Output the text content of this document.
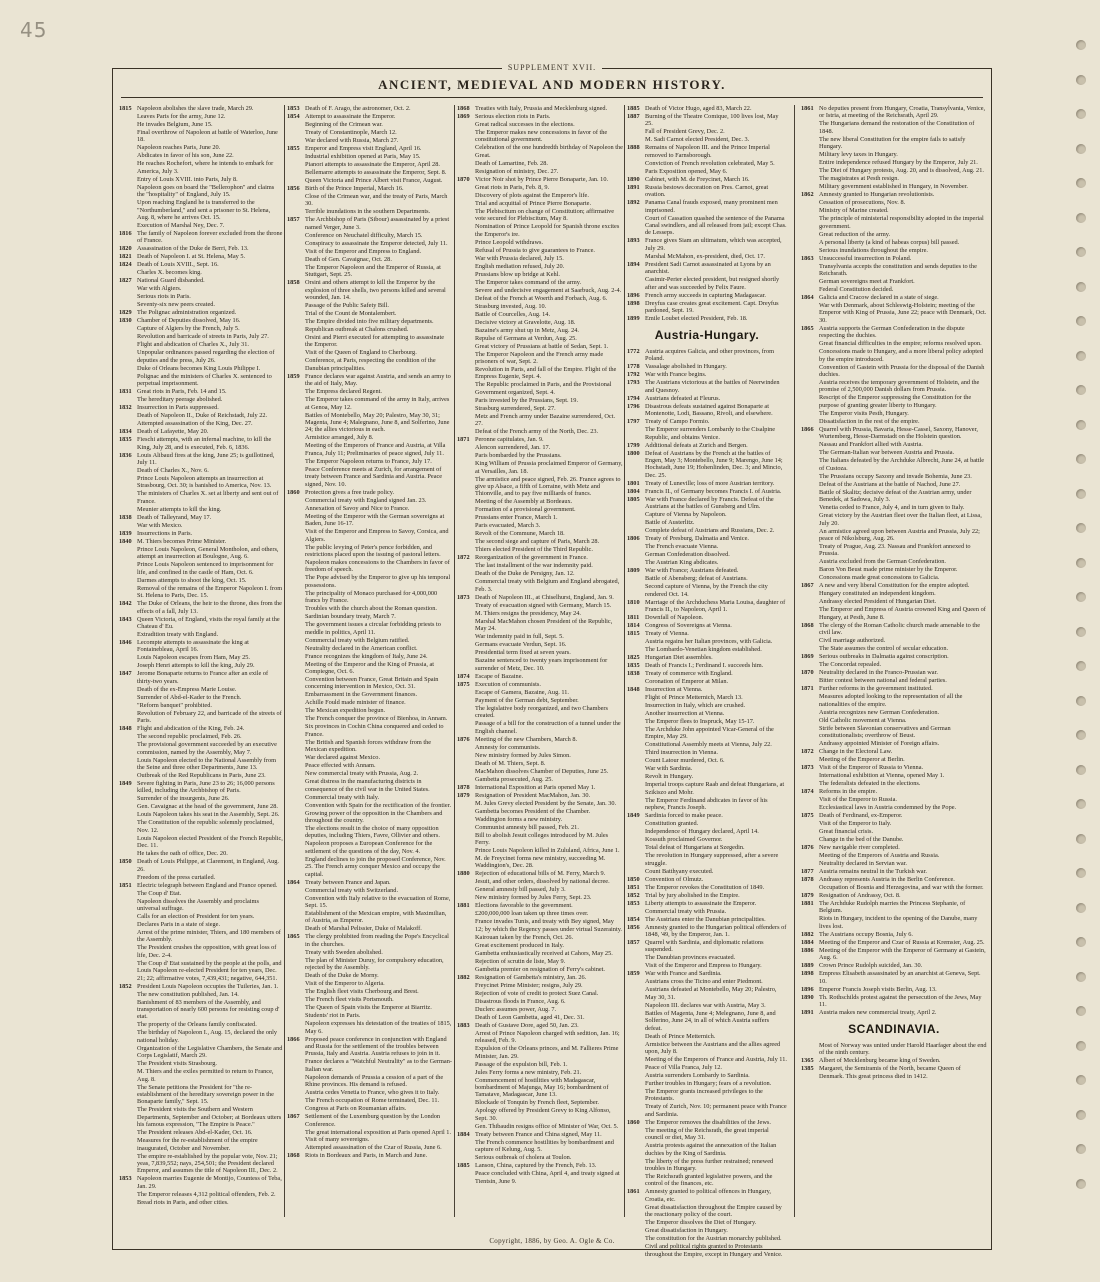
45
SUPPLEMENT XVII.
ANCIENT, MEDIEVAL AND MODERN HISTORY.
1815 Napoleon abolishes the slave trade, March 29.
Leaves Paris for the army, June 12.
He invades Belgium, June 15.
Final overthrow of Napoleon at battle of Waterloo, June 18.
Napoleon reaches Paris, June 20.
Abdicates in favor of his son, June 22.
He reaches Rochefort, where he intends to embark for America, July 3.
Entry of Louis XVIII. into Paris, July 8.
Napoleon goes on board the "Bellerophon" and claims the "hospitality" of England, July 15.
Upon reaching England he is transferred to the "Northumberland," and sent a prisoner to St. Helena, Aug. 8, where he arrives Oct. 15.
Execution of Marshal Ney, Dec. 7.
1816 The family of Napoleon forever excluded from the throne of France.
1820 Assassination of the Duke de Berri, Feb. 13.
1821 Death of Napoleon I. at St. Helena, May 5.
1824 Death of Louis XVIII., Sept. 16.
Charles X. becomes king.
1827 National Guard disbanded.
War with Algiers.
Serious riots in Paris.
Seventy-six new peers created.
1829 The Polignac administration organized.
1830 Chamber of Deputies dissolved, May 16.
Capture of Algiers by the French, July 5.
Revolution and barricade of streets in Paris, July 27.
Flight and abdication of Charles X., July 31.
Unpopular ordinances passed regarding the election of deputies and the press, July 26.
Duke of Orleans becomes King Louis Philippe I.
Polignac and the ministers of Charles X. sentenced to perpetual imprisonment.
1831 Great riots in Paris, Feb. 14 and 15.
The hereditary peerage abolished.
1832 Insurrection in Paris suppressed.
Death of Napoleon II., Duke of Reichstadt, July 22.
Attempted assassination of the King, Dec. 27.
1834 Death of Lafayette, May 20.
1835 Fieschi attempts, with an infernal machine, to kill the King, July 28, and is executed, Feb. 6, 1836.
1836 Louis Alibaud fires at the king, June 25; is guillotined, July 11.
Death of Charles X., Nov. 6.
Prince Louis Napoleon attempts an insurrection at Strasbourg, Oct. 30; is banished to America, Nov. 13.
The ministers of Charles X. set at liberty and sent out of France.
Meunier attempts to kill the king.
1838 Death of Talleyrand, May 17.
War with Mexico.
1839 Insurrections in Paris.
1840 M. Thiers becomes Prime Minister.
Prince Louis Napoleon, General Montholon, and others, attempt an insurrection at Boulogne, Aug. 6.
Prince Louis Napoleon sentenced to imprisonment for life, and confined in the castle of Ham, Oct. 6.
Darmes attempts to shoot the king, Oct. 15.
Removal of the remains of the Emperor Napoleon I. from St. Helena to Paris, Dec. 15.
1842 The Duke of Orleans, the heir to the throne, dies from the effects of a fall, July 13.
1843 Queen Victoria, of England, visits the royal family at the Chateau d' Eu.
Extradition treaty with England.
1846 Lecompte attempts to assassinate the king at Fontainebleau, April 16.
Louis Napoleon escapes from Ham, May 25.
Joseph Henri attempts to kill the king, July 29.
1847 Jerome Bonaparte returns to France after an exile of thirty-two years.
Death of the ex-Empress Marie Louise.
Surrender of Abd-el-Kader to the French.
"Reform banquet" prohibited.
Revolution of February 22, and barricade of the streets of Paris.
1848 Flight and abdication of the King, Feb. 24.
The second republic proclaimed, Feb. 26.
The provisional government succeeded by an executive commission, named by the Assembly, May 7.
Louis Napoleon elected to the National Assembly from the Seine and three other Departments, June 13.
Outbreak of the Red Republicans in Paris, June 23.
1849 Severe fighting in Paris, June 23 to 26; 16,000 persons killed, including the Archbishop of Paris.
Surrender of the insurgents, June 26.
Gen. Cavaignac at the head of the government, June 28.
Louis Napoleon takes his seat in the Assembly, Sept. 26.
The Constitution of the republic solemnly proclaimed, Nov. 12.
Louis Napoleon elected President of the French Republic, Dec. 11.
He takes the oath of office, Dec. 20.
1850 Death of Louis Philippe, at Claremont, in England, Aug. 26.
Freedom of the press curtailed.
1851 Electric telegraph between England and France opened.
The Coup d' Etat.
Napoleon dissolves the Assembly and proclaims universal suffrage.
Calls for an election of President for ten years.
Declares Paris in a state of siege.
Arrest of the prime minister, Thiers, and 180 members of the Assembly.
The President crushes the opposition, with great loss of life, Dec. 2-4.
The Coup d' Etat sustained by the people at the polls, and Louis Napoleon re-elected President for ten years, Dec. 21; 22; affirmative votes, 7,439,431; negative, 644,351.
1852 President Louis Napoleon occupies the Tuileries, Jan. 1.
The new constitution published, Jan. 14.
Banishment of 83 members of the Assembly, and transportation of nearly 600 persons for resisting coup d' etat.
The property of the Orleans family confiscated.
The birthday of Napoleon I., Aug. 15, declared the only national holiday.
Organization of the Legislative Chambers, the Senate and Corps Legislatif, March 29.
The President visits Strasbourg.
M. Thiers and the exiles permitted to return to France, Aug. 8.
The Senate petitions the President for "the re-establishment of the hereditary sovereign power in the Bonaparte family," Sept. 15.
The President visits the Southern and Western Departments, September and October; at Bordeaux utters his famous expression, "The Empire is Peace."
The President releases Abd-el-Kader, Oct. 16.
Measures for the re-establishment of the empire inaugurated, October and November.
The empire re-established by the popular vote, Nov. 21; yeas, 7,839,552; nays, 254,501; the President declared Emperor, and assumes the title of Napoleon III., Dec. 2.
1853 Napoleon marries Eugenie de Montijo, Countess of Teba, Jan. 29.
The Emperor releases 4,312 political offenders, Feb. 2.
Bread riots in Paris, and other cities.
1853 Death of F. Arago, the astronomer, Oct. 2.
1854 Attempt to assassinate the Emperor.
Beginning of the Crimean war.
Treaty of Constantinople, March 12.
War declared with Russia, March 27.
1855 Emperor and Empress visit England, April 16.
Industrial exhibition opened at Paris, May 15.
Pianori attempts to assassinate the Emperor, April 28.
Bellemarre attempts to assassinate the Emperor, Sept. 8.
Queen Victoria and Prince Albert visit France, August.
1856 Birth of the Prince Imperial, March 16.
Close of the Crimean war, and the treaty of Paris, March 30.
Terrible inundations in the southern Departments.
1857 The Archbishop of Paris (Sibour) assassinated by a priest named Verger, June 3.
Conference on Neuchatel difficulty, March 15.
Conspiracy to assassinate the Emperor detected, July 11.
Visit of the Emperor and Empress to England.
Death of Gen. Cavaignac, Oct. 28.
The Emperor Napoleon and the Emperor of Russia, at Stuttgart, Sept. 25.
1858 Orsini and others attempt to kill the Emperor by the explosion of three shells, two persons killed and several wounded, Jan. 14.
Passage of the Public Safety Bill.
Trial of the Count de Montalembert.
The Empire divided into five military departments.
Republican outbreak at Chalons crushed.
Orsini and Pierri executed for attempting to assassinate the Emperor.
Visit of the Queen of England to Cherbourg.
Conference, at Paris, respecting the condition of the Danubian principalities.
1859 France declares war against Austria, and sends an army to the aid of Italy, May.
The Empress declared Regent.
The Emperor takes command of the army in Italy, arrives at Genoa, May 12.
Battles of Montebello, May 20; Palestro, May 30, 31; Magenta, June 4; Malegnano, June 8, and Solferino, June 24; the allies victorious in each.
Armistice arranged, July 8.
Meeting of the Emperors of France and Austria, at Villa Franca, July 11; Preliminaries of peace signed, July 11.
The Emperor Napoleon returns to France, July 17.
Peace Conference meets at Zurich, for arrangement of treaty between France and Sardinia and Austria. Peace signed, Nov. 10.
1860 Protection gives a free trade policy.
Commercial treaty with England signed Jan. 23.
Annexation of Savoy and Nice to France.
Meeting of the Emperor with the German sovereigns at Baden, June 16-17.
Visit of the Emperor and Empress to Savoy, Corsica, and Algiers.
The public levying of Peter's pence forbidden, and restrictions placed upon the issuing of pastoral letters.
Napoleon makes concessions to the Chambers in favor of freedom of speech.
The Pope advised by the Emperor to give up his temporal possessions.
The principality of Monaco purchased for 4,000,000 francs by France.
Troubles with the church about the Roman question.
Sardinian boundary treaty, March 7.
The government issues a circular forbidding priests to meddle in politics, April 11.
Commercial treaty with Belgium ratified.
Neutrality declared in the American conflict.
France recognizes the kingdom of Italy, June 24.
Meeting of the Emperor and the King of Prussia, at Compiegne, Oct. 6.
Convention between France, Great Britain and Spain concerning intervention in Mexico, Oct. 31.
Embarrassment in the Government finances.
Achille Fould made minister of finance.
The Mexican expedition begun.
The French conquer the province of Bienhoa, in Annam.
Six provinces in Cochin China conquered and ceded to France.
The British and Spanish forces withdraw from the Mexican expedition.
War declared against Mexico.
Peace effected with Annam.
New commercial treaty with Prussia, Aug. 2.
Great distress in the manufacturing districts in consequence of the civil war in the United States.
Commercial treaty with Italy.
Convention with Spain for the rectification of the frontier.
Growing power of the opposition in the Chambers and throughout the country.
The elections result in the choice of many opposition deputies, including Thiers, Favre, Ollivier and others.
Napoleon proposes a European Conference for the settlement of the questions of the day, Nov. 4.
England declines to join the proposed Conference, Nov. 25. The French army conquer Mexico and occupy the capital.
1864 Treaty between France and Japan.
Commercial treaty with Switzerland.
Convention with Italy relative to the evacuation of Rome, Sept. 15.
Establishment of the Mexican empire, with Maximilian, of Austria, as Emperor.
Death of Marshal Pelissier, Duke of Malakoff.
1865 The clergy prohibited from reading the Pope's Encyclical in the churches.
Treaty with Sweden abolished.
The plan of Minister Duruy, for compulsory education, rejected by the Assembly.
Death of the Duke de Morny.
Visit of the Emperor to Algeria.
The English fleet visits Cherbourg and Brest.
The French fleet visits Portsmouth.
The Queen of Spain visits the Emperor at Biarritz.
Students' riot in Paris.
Napoleon expresses his detestation of the treaties of 1815, May 6.
1866 Proposed peace conference in conjunction with England and Russia for the settlement of the troubles between Prussia, Italy and Austria. Austria refuses to join in it.
France declares a "Watchful Neutrality" as to the German-Italian war.
Napoleon demands of Prussia a cession of a part of the Rhine provinces. His demand is refused.
Austria cedes Venetia to France, who gives it to Italy.
The French occupation of Rome terminated, Dec. 11.
Congress at Paris on Roumanian affairs.
1867 Settlement of the Luxemburg question by the London Conference.
The great international exposition at Paris opened April 1. Visit of many sovereigns.
Attempted assassination of the Czar of Russia, June 6.
1868 Riots in Bordeaux and Paris, in March and June.
1868 Treaties with Italy, Prussia and Mecklenburg signed.
1869 Serious election riots in Paris.
Great radical successes in the elections.
The Emperor makes new concessions in favor of the constitutional government.
Celebration of the one hundredth birthday of Napoleon the Great.
Death of Lamartine, Feb. 28.
Resignation of ministry, Dec. 27.
1870 Victor Noir shot by Prince Pierre Bonaparte, Jan. 10.
Great riots in Paris, Feb. 8, 9.
Discovery of plots against the Emperor's life.
Trial and acquittal of Prince Pierre Bonaparte.
The Plebiscitum on change of Constitution; affirmative vote secured for Plebiscitum, May 8.
Nomination of Prince Leopold for Spanish throne excites the Emperor's ire.
Prince Leopold withdraws.
Refusal of Prussia to give guarantees to France.
War with Prussia declared, July 15.
English mediation refused, July 20.
Prussians blow up bridge at Kehl.
The Emperor takes command of the army.
Severe and undecisive engagement at Saarbuck, Aug. 2-4.
Defeat of the French at Woerth and Forbach, Aug. 6.
Strasburg invested, Aug. 10.
Battle of Courcelles, Aug. 14.
Decisive victory at Gravelotte, Aug. 18.
Bazaine's army shut up in Metz, Aug. 24.
Repulse of Germans at Verdun, Aug. 25.
Great victory of Prussians at battle of Sedan, Sept. 1.
The Emperor Napoleon and the French army made prisoners of war, Sept. 2.
Revolution in Paris, and fall of the Empire. Flight of the Empress Eugenie, Sept. 4.
The Republic proclaimed in Paris, and the Provisional Government organized, Sept. 4.
Paris invested by the Prussians, Sept. 19.
Strasburg surrendered, Sept. 27.
Metz and French army under Bazaine surrendered, Oct. 27.
Defeat of the French army of the North, Dec. 23.
1871 Peronne capitulates, Jan. 9.
Alencon surrendered, Jan. 17.
Paris bombarded by the Prussians.
King William of Prussia proclaimed Emperor of Germany, at Versailles, Jan. 18.
The armistice and peace signed, Feb. 26. France agrees to give up Alsace, a fifth of Lorraine, with Metz and Thionville, and to pay five milliards of francs.
Meeting of the Assembly at Bordeaux.
Formation of a provisional government.
Prussians enter France, March 1.
Paris evacuated, March 3.
Revolt of the Commune, March 18.
The second siege and capture of Paris, March 28.
Thiers elected President of the Third Republic.
1872 Reorganization of the government in France.
The last installment of the war indemnity paid.
Death of the Duke de Persigny, Jan. 12.
Commercial treaty with Belgium and England abrogated, Feb. 3.
1873 Death of Napoleon III., at Chiselhurst, England, Jan. 9.
Treaty of evacuation signed with Germany, March 15.
M. Thiers resigns the presidency, May 24.
Marshal MacMahon chosen President of the Republic, May 24.
War indemnity paid in full, Sept. 5.
Germans evacuate Verdun, Sept. 16.
Presidential term fixed at seven years.
Bazaine sentenced to twenty years imprisonment for surrender of Metz, Dec. 10.
1874 Escape of Bazaine.
1875 Execution of communists.
Escape of Gamera, Bazaine, Aug. 11.
Payment of the German debt, September.
The legislative body reorganized, and two Chambers created.
Passage of a bill for the construction of a tunnel under the English channel.
1876 Meeting of the new Chambers, March 8.
Amnesty for communists.
New ministry formed by Jules Simon.
Death of M. Thiers, Sept. 8.
MacMahon dissolves Chamber of Deputies, June 25.
Gambetta prosecuted, Aug. 25.
1878 International Exposition at Paris opened May 1.
1879 Resignation of President MacMahon, Jan. 30.
M. Jules Grevy elected President by the Senate, Jan. 30.
Gambetta becomes President of the Chamber.
Waddington forms a new ministry.
Communist amnesty bill passed, Feb. 21.
Bill to abolish Jesuit colleges introduced by M. Jules Ferry.
Prince Louis Napoleon killed in Zululand, Africa, June 1.
M. de Freycinet forms new ministry, succeeding M. Waddington's, Dec. 28.
1880 Rejection of educational bills of M. Ferry, March 9.
Jesuit, and other orders, dissolved by national decree.
General amnesty bill passed, July 3.
New ministry formed by Jules Ferry, Sept. 23.
1881 Elections favorable to the government.
£200,000,000 loan taken up three times over.
France invades Tunis, and treaty with Bey signed, May 12; by which the Regency passes under virtual Suzerainty.
Kairouan taken by the French, Oct. 26.
Great excitement produced in Italy.
Gambetta enthusiastically received at Cahors, May 25.
Rejection of scrutin de liste, May 9.
Gambetta premier on resignation of Ferry's cabinet.
1882 Resignation of Gambetta's ministry, Jan. 26.
Freycinet Prime Minister; resigns, July 29.
Rejection of vote of credit to protect Suez Canal.
Disastrous floods in France, Aug. 6.
Duclerc assumes power, Aug. 7.
Death of Leon Gambetta, aged 41, Dec. 31.
1883 Death of Gustave Dore, aged 50, Jan. 23.
Arrest of Prince Napoleon charged with sedition, Jan. 16; released, Feb. 9.
Expulsion of the Orleans princes, and M. Fallieres Prime Minister, Jan. 29.
Passage of the expulsion bill, Feb. 1.
Jules Ferry forms a new ministry, Feb. 21.
Commencement of hostilities with Madagascar, bombardment of Majunga, May 16; bombardment of Tamatave, Madagascar, June 13.
Blockade of Tonquin by French fleet, September.
Apology offered by President Grevy to King Alfonso, Sept. 30.
Gen. Thibaudin resigns office of Minister of War, Oct. 5.
1884 Treaty between France and China signed, May 11.
The French commence hostilities by bombardment and capture of Kelung, Aug. 5.
Serious outbreak of cholera at Toulon.
1885 Lanson, China, captured by the French, Feb. 13.
Peace concluded with China, April 4, and treaty signed at Tientsin, June 9.
1885 Death of Victor Hugo, aged 83, March 22.
1887 Burning of the Theatre Comique, 100 lives lost, May 25.
Fall of President Grevy, Dec. 2.
M. Sadi Carnot elected President, Dec. 3.
1888 Remains of Napoleon III. and the Prince Imperial removed to Farnsborough.
Conviction of French revolution celebrated, May 5.
Paris Exposition opened, May 6.
1890 Cabinet, with M. de Freycinet, March 16.
1891 Russia bestows decoration on Pres. Carnot, great ovation.
1892 Panama Canal frauds exposed, many prominent men imprisoned.
Court of Cassation quashed the sentence of the Panama Canal swindlers, and all released from jail; except Chas. de Lesseps.
1893 France gives Siam an ultimatum, which was accepted, July 29.
Marshal McMahon, ex-president, died, Oct. 17.
1894 President Sadi Carnot assassinated at Lyons by an anarchist.
Casimir-Perier elected president, but resigned shortly after and was succeeded by Felix Faure.
1896 French army succeeds in capturing Madagascar.
1898 Dreyfus case creates great excitement. Capt. Dreyfus pardoned, Sept. 19.
1899 Emile Loubet elected President, Feb. 18.
Austria-Hungary.
1772 Austria acquires Galicia, and other provinces, from Poland.
1778 Vassalage abolished in Hungary.
1792 War with France begins.
1793 The Austrians victorious at the battles of Neerwinden and Quesnoy.
1794 Austrians defeated at Fleurus.
1796 Disastrous defeats sustained against Bonaparte at Montenotte, Lodi, Bassano, Rivoli, and elsewhere.
1797 Treaty of Campo Formio.
The Emperor surrenders Lombardy to the Cisalpine Republic, and obtains Venice.
1799 Additional defeats at Zurich and Bergen.
1800 Defeat of Austrians by the French at the battles of Engen, May 3; Montebello, June 9; Marengo, June 14; Hochstadt, June 19; Hohenlinden, Dec. 3; and Mincio, Dec. 25.
1801 Treaty of Luneville; loss of more Austrian territory.
1804 Francis II., of Germany becomes Francis I. of Austria.
1805 War with France declared by Francis. Defeat of the Austrians at the battles of Gunsberg and Ulm.
Capture of Vienna by Napoleon.
Battle of Austerlitz.
Complete defeat of Austrians and Russians, Dec. 2.
1806 Treaty of Presburg, Dalmatia and Venice.
The French evacuate Vienna.
German Confederation dissolved.
The Austrian King abdicates.
1809 War with France; Austrians defeated.
Battle of Abensberg; defeat of Austrians.
Second capture of Vienna, by the French the city rendered Oct. 14.
1810 Marriage of the Archduchess Maria Louisa, daughter of Francis II., to Napoleon, April 1.
1811 Downfall of Napoleon.
1814 Congress of Sovereigns at Vienna.
1815 Treaty of Vienna.
Austria regains her Italian provinces, with Galicia.
The Lombardo-Venetian kingdom established.
1825 Hungarian Diet assembles.
1835 Death of Francis I.; Ferdinand I. succeeds him.
1838 Treaty of commerce with England.
Coronation of Emperor at Milan.
1848 Insurrection at Vienna.
Flight of Prince Metternich, March 13.
Insurrection in Italy, which are crushed.
Another insurrection at Vienna.
The Emperor flees to Inspruck, May 15-17.
The Archduke John appointed Vicar-General of the Empire, May 29.
Constitutional Assembly meets at Vienna, July 22.
Third insurrection in Vienna.
Count Latour murdered, Oct. 6.
War with Sardinia.
Revolt in Hungary.
Imperial troops capture Raab and defeat Hungarians, at Szikiszo and Mohr.
The Emperor Ferdinand abdicates in favor of his nephew, Francis Joseph.
1849 Sardinia forced to make peace.
Constitution granted.
Independence of Hungary declared, April 14.
Kossuth proclaimed Governor.
Total defeat of Hungarians at Szegedin.
The revolution in Hungary suppressed, after a severe struggle.
Count Batthyany executed.
1850 Convention of Olmutz.
1851 The Emperor revokes the Constitution of 1849.
1852 Trial by jury abolished in the Empire.
1853 Liberty attempts to assassinate the Emperor.
Commercial treaty with Prussia.
1854 The Austrians enter the Danubian principalities.
1856 Amnesty granted to the Hungarian political offenders of 1848, '49, by the Emperor, Jan. 1.
1857 Quarrel with Sardinia, and diplomatic relations suspended.
The Danubian provinces evacuated.
Visit of the Emperor and Empress to Hungary.
1859 War with France and Sardinia.
Austrians cross the Ticino and enter Piedmont.
Austrians defeated at Montebello, May 20; Palestro, May 30, 31.
Napoleon III. declares war with Austria, May 3.
Battles of Magenta, June 4; Melegnano, June 8, and Solferino, June 24, in all of which Austria suffers defeat.
Death of Prince Metternich.
Armistice between the Austrians and the allies agreed upon, July 8.
Meeting of the Emperors of France and Austria, July 11.
Peace of Villa Franca, July 12.
Austria surrenders Lombardy to Sardinia.
Further troubles in Hungary; fears of a revolution.
The Emperor grants increased privileges to the Protestants.
Treaty of Zurich, Nov. 10; permanent peace with France and Sardinia.
1860 The Emperor removes the disabilities of the Jews.
The meeting of the Reichsrath, the great imperial council or diet, May 31.
Austria protests against the annexation of the Italian duchies by the King of Sardinia.
The liberty of the press further restrained; renewed troubles in Hungary.
The Reichsrath granted legislative powers, and the control of the finances, etc.
1861 Amnesty granted to political offences in Hungary, Croatia, etc.
Great dissatisfaction throughout the Empire caused by the reactionary policy of the court.
The Emperor dissolves the Diet of Hungary.
Great dissatisfaction in Hungary.
The constitution for the Austrian monarchy published.
Civil and political rights granted to Protestants throughout the Empire, except in Hungary and Venice.
1861 No deputies present from Hungary, Croatia, Transylvania, Venice, or Istria, at meeting of the Reichsrath, April 29.
The Hungarians demand the restoration of the Constitution of 1848.
The new liberal Constitution for the empire fails to satisfy Hungary.
Military levy taxes in Hungary.
Entire independence refused Hungary by the Emperor, July 21.
The Diet of Hungary protests, Aug. 20, and is dissolved, Aug. 21.
The magistrates at Pesth resign.
Military government established in Hungary, in November.
1862 Amnesty granted to Hungarian revolutionists.
Cessation of prosecutions, Nov. 8.
Ministry of Marine created.
The principle of ministerial responsibility adopted in the imperial government.
Great reduction of the army.
A personal liberty (a kind of habeas corpus) bill passed.
Serious inundations throughout the empire.
1863 Unsuccessful insurrection in Poland.
Transylvania accepts the constitution and sends deputies to the Reichsrath.
German sovereigns meet at Frankfort.
Federal Constitution decided.
1864 Galicia and Cracow declared in a state of siege.
War with Denmark, about Schleswig-Holstein; meeting of the Emperor with King of Prussia, June 22; peace with Denmark, Oct. 30.
1865 Austria supports the German Confederation in the dispute respecting the duchies.
Great financial difficulties in the empire; reforms resolved upon.
Concessions made to Hungary, and a more liberal policy adopted by the empire introduced.
Convention of Gastein with Prussia for the disposal of the Danish duchies.
Austria receives the temporary government of Holstein, and the promise of 2,500,000 Danish dollars from Prussia.
Rescript of the Emperor suppressing the Constitution for the purpose of granting greater liberty to Hungary.
The Emperor visits Pesth, Hungary.
Dissatisfaction in the rest of the empire.
1866 Quarrel with Prussia, Bavaria, Hesse-Cassel, Saxony, Hanover, Wurtemberg, Hesse-Darmstadt on the Holstein question.
Nassau and Frankfort allied with Austria.
The German-Italian war between Austria and Prussia.
The Italians defeated by the Archduke Albrecht, June 24, at battle of Custoza.
The Prussians occupy Saxony and invade Bohemia, June 23.
Defeat of the Austrians at the battle of Nachod, June 27.
Battle of Skalitz; decisive defeat of the Austrian army, under Benedek, at Sadowa, July 3.
Venetia ceded to France, July 4, and in turn given to Italy.
Great victory by the Austrian fleet over the Italian fleet, at Lissa, July 20.
An armistice agreed upon between Austria and Prussia, July 22; peace of Nikolsburg, Aug. 26.
Treaty of Prague, Aug. 23. Nassau and Frankfort annexed to Prussia.
Austria excluded from the German Confederation.
Baron Von Beust made prime minister by the Emperor.
Concessions made great concessions to Galicia.
1867 A new and very liberal Constitution for the empire adopted.
Hungary constituted an independent kingdom.
Andrassy elected President of Hungarian Diet.
The Emperor and Empress of Austria crowned King and Queen of Hungary, at Pesth, June 8.
1868 The clergy of the Roman Catholic church made amenable to the civil law.
Civil marriage authorized.
The State assumes the control of secular education.
1869 Serious outbreaks in Dalmatia against conscription.
The Concordat repealed.
1870 Neutrality declared in the Franco-Prussian war.
Bitter contest between national and federal parties.
1871 Further reforms in the government instituted.
Measures adopted looking to the representation of all the nationalities of the empire.
Austria recognizes new German Confederation.
Old Catholic movement at Vienna.
Strife between Slavonian conservatives and German constitutionalists; overthrow of Beust.
Andrassy appointed Minister of Foreign affairs.
1872 Change in the Electoral Law.
Meeting of the Emperor at Berlin.
1873 Visit of the Emperor of Russia to Vienna.
International exhibition at Vienna, opened May 1.
The federalists defeated in the elections.
1874 Reforms in the empire.
Visit of the Emperor to Russia.
Ecclesiastical laws in Austria condemned by the Pope.
1875 Death of Ferdinand, ex-Emperor.
Visit of the Emperor to Italy.
Great financial crisis.
Change in the bed of the Danube.
1876 New navigable river completed.
Meeting of the Emperors of Austria and Russia.
Neutrality declared in Servian war.
1877 Austria remains neutral in the Turkish war.
1878 Andrassy represents Austria in the Berlin Conference.
Occupation of Bosnia and Herzegovina, and war with the former.
1879 Resignation of Andrassy, Oct. 8.
1881 The Archduke Rudolph marries the Princess Stephanie, of Belgium.
Riots in Hungary, incident to the opening of the Danube, many lives lost.
1882 The Austrians occupy Bosnia, July 6.
1884 Meeting of the Emperor and Czar of Russia at Kremsier, Aug. 25.
1886 Meeting of the Emperor with the Emperor of Germany at Gastein, Aug. 6.
1889 Crown Prince Rudolph suicided, Jan. 30.
1898 Empress Elisabeth assassinated by an anarchist at Geneva, Sept. 10.
1896 Emperor Francis Joseph visits Berlin, Aug. 13.
1890 Th. Rothschilds protest against the persecution of the Jews, May 11.
1891 Austria makes new commercial treaty, April 2.
SCANDINAVIA.
Most of Norway was united under Harold Haarfager about the end of the ninth century.
1365 Albert of Mecklenburg became king of Sweden.
1385 Margaret, the Semiramis of the North, became Queen of Denmark. This great princess died in 1412.
Copyright, 1886, by Geo. A. Ogle & Co.
